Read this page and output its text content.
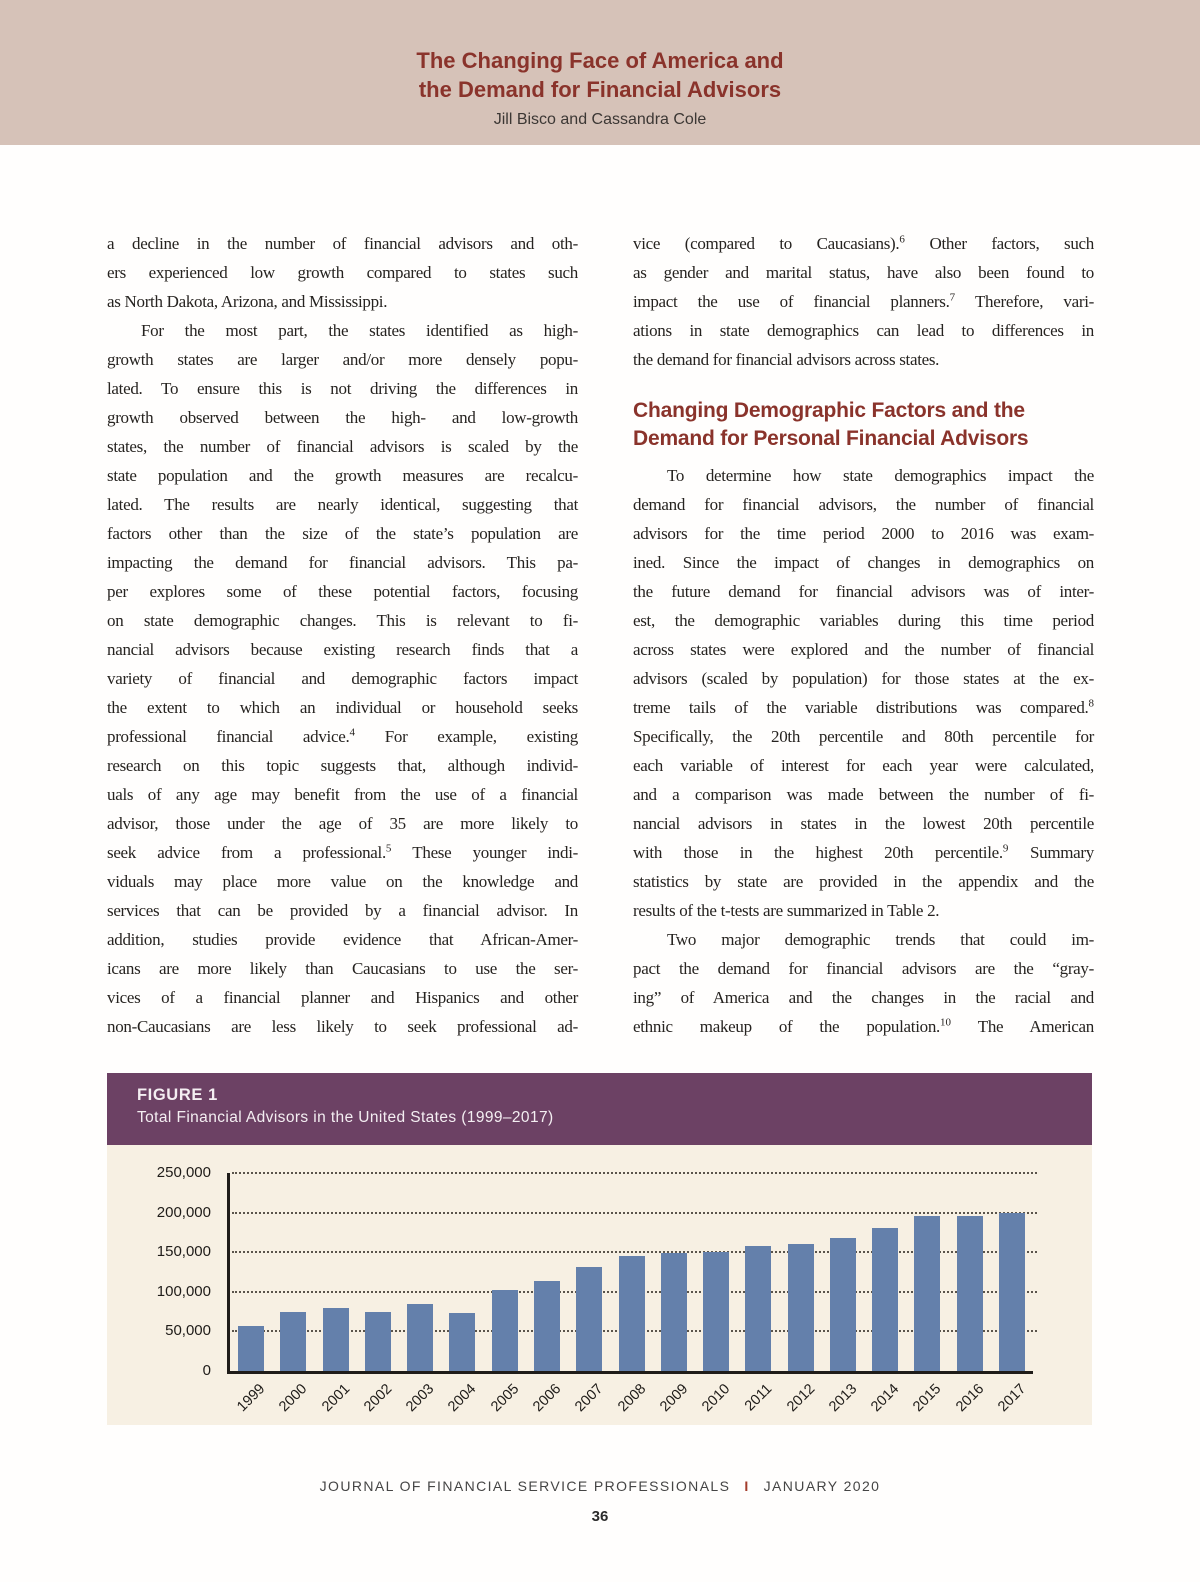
The Changing Face of America and
the Demand for Financial Advisors
Jill Bisco and Cassandra Cole
a decline in the number of financial advisors and oth-
ers experienced low growth compared to states such
as North Dakota, Arizona, and Mississippi.
For the most part, the states identified as high-
growth states are larger and/or more densely popu-
lated. To ensure this is not driving the differences in
growth observed between the high- and low-growth
states, the number of financial advisors is scaled by the
state population and the growth measures are recalcu-
lated. The results are nearly identical, suggesting that
factors other than the size of the state’s population are
impacting the demand for financial advisors. This pa-
per explores some of these potential factors, focusing
on state demographic changes. This is relevant to fi-
nancial advisors because existing research finds that a
variety of financial and demographic factors impact
the extent to which an individual or household seeks
professional financial advice.$^4$ For example, existing
research on this topic suggests that, although individ-
uals of any age may benefit from the use of a financial
advisor, those under the age of 35 are more likely to
seek advice from a professional.$^5$ These younger indi-
viduals may place more value on the knowledge and
services that can be provided by a financial advisor. In
addition, studies provide evidence that African-Amer-
icans are more likely than Caucasians to use the ser-
vices of a financial planner and Hispanics and other
non-Caucasians are less likely to seek professional ad-
vice (compared to Caucasians).$^6$ Other factors, such
as gender and marital status, have also been found to
impact the use of financial planners.$^7$ Therefore, vari-
ations in state demographics can lead to differences in
the demand for financial advisors across states.
Changing Demographic Factors and the
Demand for Personal Financial Advisors
To determine how state demographics impact the
demand for financial advisors, the number of financial
advisors for the time period 2000 to 2016 was exam-
ined. Since the impact of changes in demographics on
the future demand for financial advisors was of inter-
est, the demographic variables during this time period
across states were explored and the number of financial
advisors (scaled by population) for those states at the ex-
treme tails of the variable distributions was compared.$^8$
Specifically, the 20th percentile and 80th percentile for
each variable of interest for each year were calculated,
and a comparison was made between the number of fi-
nancial advisors in states in the lowest 20th percentile
with those in the highest 20th percentile.$^9$ Summary
statistics by state are provided in the appendix and the
results of the t-tests are summarized in Table 2.
Two major demographic trends that could im-
pact the demand for financial advisors are the “gray-
ing” of America and the changes in the racial and
ethnic makeup of the population.$^{10}$ The American
FIGURE 1
Total Financial Advisors in the United States (1999–2017)
1999 2000 2001 2002 2003 2004 2005 2006 2007 2008 2009 2010 2011 2012 2013 2014 2015 2016 2017
0
50,000
100,000
150,000
200,000
250,000
JOURNAL OF FINANCIAL SERVICE PROFESSIONALS I JANUARY 2020
36
